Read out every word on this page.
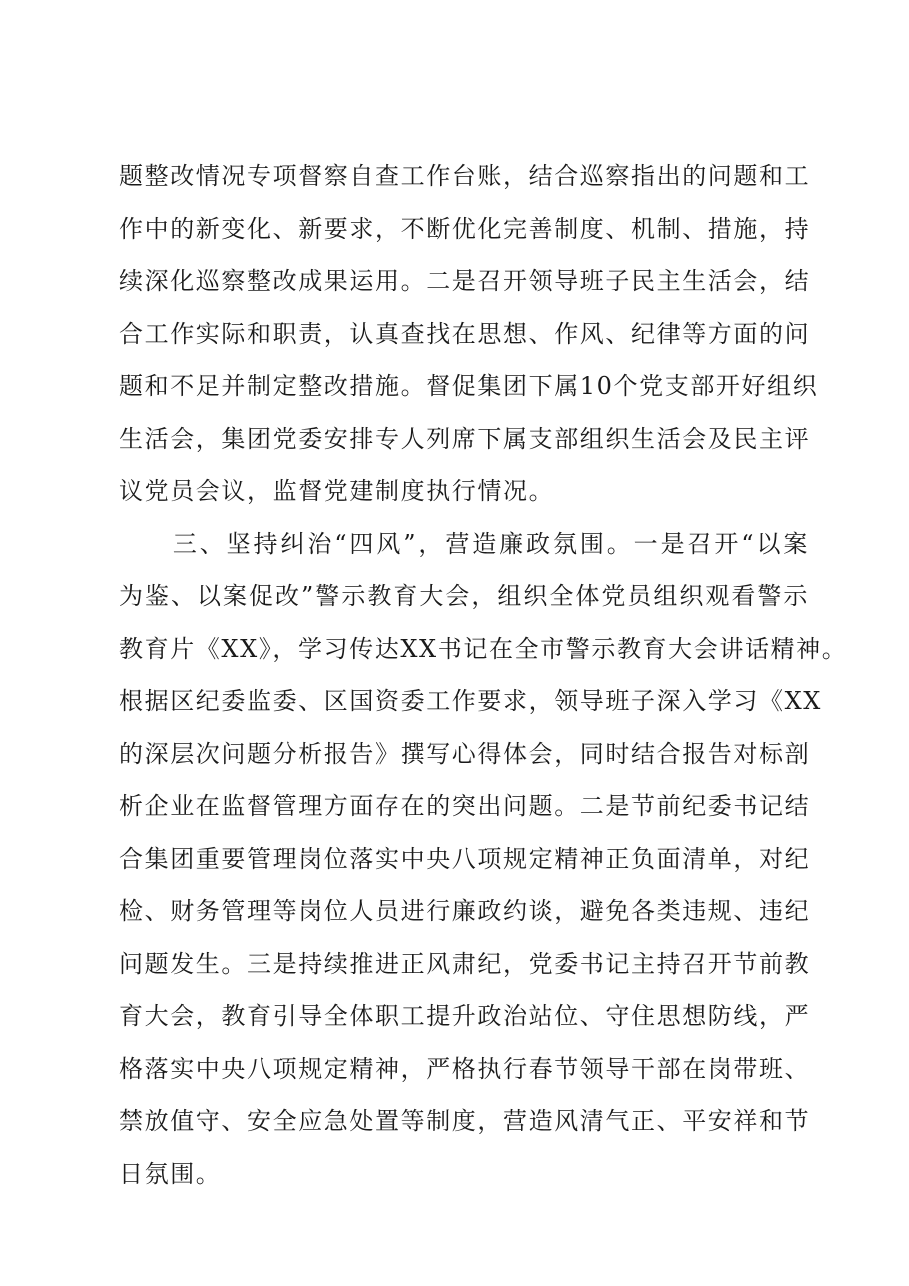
题整改情况专项督察自查工作台账，结合巡察指出的问题和工
作中的新变化、新要求，不断优化完善制度、机制、措施，持
续深化巡察整改成果运用。二是召开领导班子民主生活会，结
合工作实际和职责，认真查找在思想、作风、纪律等方面的问
题和不足并制定整改措施。督促集团下属10个党支部开好组织
生活会，集团党委安排专人列席下属支部组织生活会及民主评
议党员会议，监督党建制度执行情况。
　　三、坚持纠治“四风”，营造廉政氛围。一是召开“以案
为鉴、以案促改”警示教育大会，组织全体党员组织观看警示
教育片《XX》，学习传达XX书记在全市警示教育大会讲话精神。
根据区纪委监委、区国资委工作要求，领导班子深入学习《XX
的深层次问题分析报告》撰写心得体会，同时结合报告对标剖
析企业在监督管理方面存在的突出问题。二是节前纪委书记结
合集团重要管理岗位落实中央八项规定精神正负面清单，对纪
检、财务管理等岗位人员进行廉政约谈，避免各类违规、违纪
问题发生。三是持续推进正风肃纪，党委书记主持召开节前教
育大会，教育引导全体职工提升政治站位、守住思想防线，严
格落实中央八项规定精神，严格执行春节领导干部在岗带班、
禁放值守、安全应急处置等制度，营造风清气正、平安祥和节
日氛围。
